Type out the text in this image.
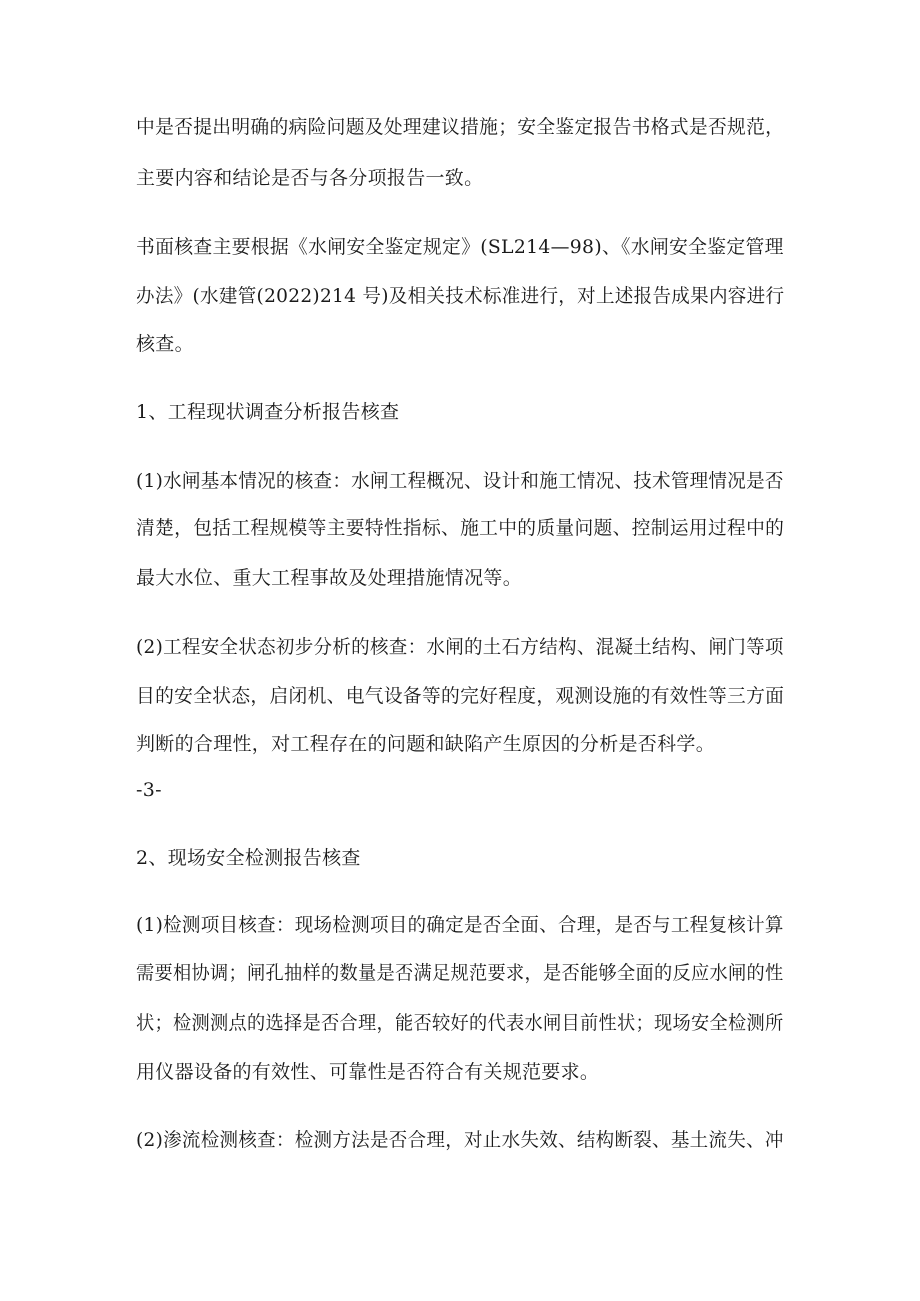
中是否提出明确的病险问题及处理建议措施；安全鉴定报告书格式是否规范，
主要内容和结论是否与各分项报告一致。
书面核查主要根据《水闸安全鉴定规定》(SL214—98)、《水闸安全鉴定管理
办法》(水建管(2022)214 号)及相关技术标准进行，对上述报告成果内容进行
核查。
1、工程现状调查分析报告核查
(1)水闸基本情况的核查：水闸工程概况、设计和施工情况、技术管理情况是否
清楚，包括工程规模等主要特性指标、施工中的质量问题、控制运用过程中的
最大水位、重大工程事故及处理措施情况等。
(2)工程安全状态初步分析的核查：水闸的土石方结构、混凝土结构、闸门等项
目的安全状态，启闭机、电气设备等的完好程度，观测设施的有效性等三方面
判断的合理性，对工程存在的问题和缺陷产生原因的分析是否科学。
-3-
2、现场安全检测报告核查
(1)检测项目核查：现场检测项目的确定是否全面、合理，是否与工程复核计算
需要相协调；闸孔抽样的数量是否满足规范要求，是否能够全面的反应水闸的性
状；检测测点的选择是否合理，能否较好的代表水闸目前性状；现场安全检测所
用仪器设备的有效性、可靠性是否符合有关规范要求。
(2)渗流检测核查：检测方法是否合理，对止水失效、结构断裂、基土流失、冲
